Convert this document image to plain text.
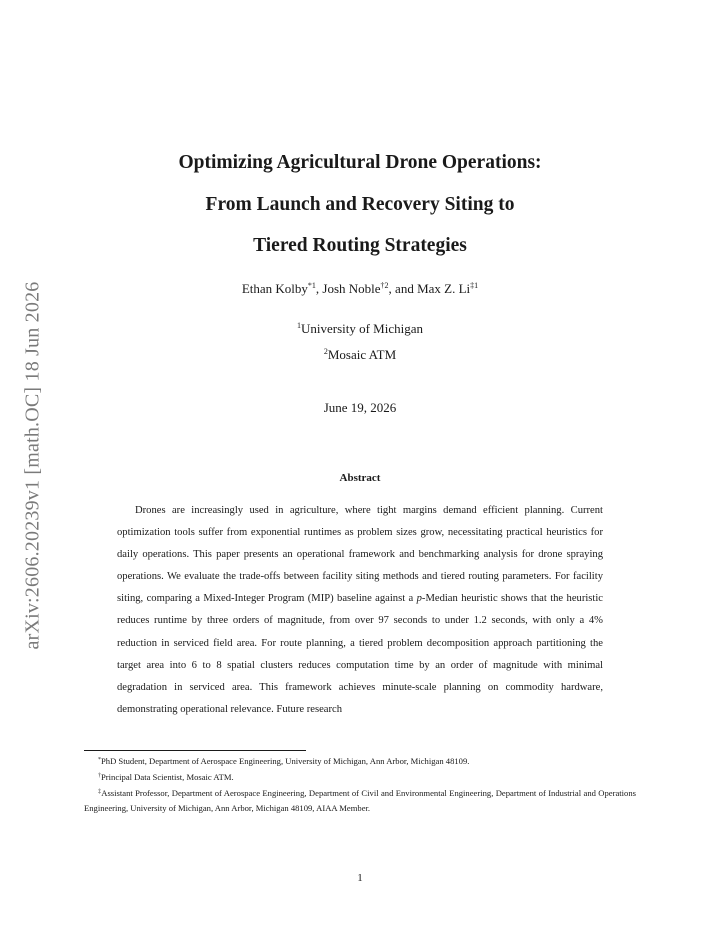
arXiv:2606.20239v1 [math.OC] 18 Jun 2026
Optimizing Agricultural Drone Operations:
From Launch and Recovery Siting to
Tiered Routing Strategies
Ethan Kolby$^{*1}$, Josh Noble$^{\dagger 2}$, and Max Z. Li$^{\ddagger 1}$
$^1$University of Michigan
$^2$Mosaic ATM
June 19, 2026
Abstract

Drones are increasingly used in agriculture, where tight margins demand efficient planning. Current optimization tools suffer from exponential runtimes as problem sizes grow, necessitating practical heuristics for daily operations. This paper presents an operational framework and benchmarking analysis for drone spraying operations. We evaluate the trade-offs between facility siting methods and tiered routing parameters. For facility siting, comparing a Mixed-Integer Program (MIP) baseline against a p-Median heuristic shows that the heuristic reduces runtime by three orders of magnitude, from over 97 seconds to under 1.2 seconds, with only a 4% reduction in serviced field area. For route planning, a tiered problem decomposition approach partitioning the target area into 6 to 8 spatial clusters reduces computation time by an order of magnitude with minimal degradation in serviced area. This framework achieves minute-scale planning on commodity hardware, demonstrating operational relevance. Future research

*PhD Student, Department of Aerospace Engineering, University of Michigan, Ann Arbor, Michigan 48109.

†Principal Data Scientist, Mosaic ATM.

‡Assistant Professor, Department of Aerospace Engineering, Department of Civil and Environmental Engineering, Department of Industrial and Operations Engineering, University of Michigan, Ann Arbor, Michigan 48109, AIAA Member.

1
